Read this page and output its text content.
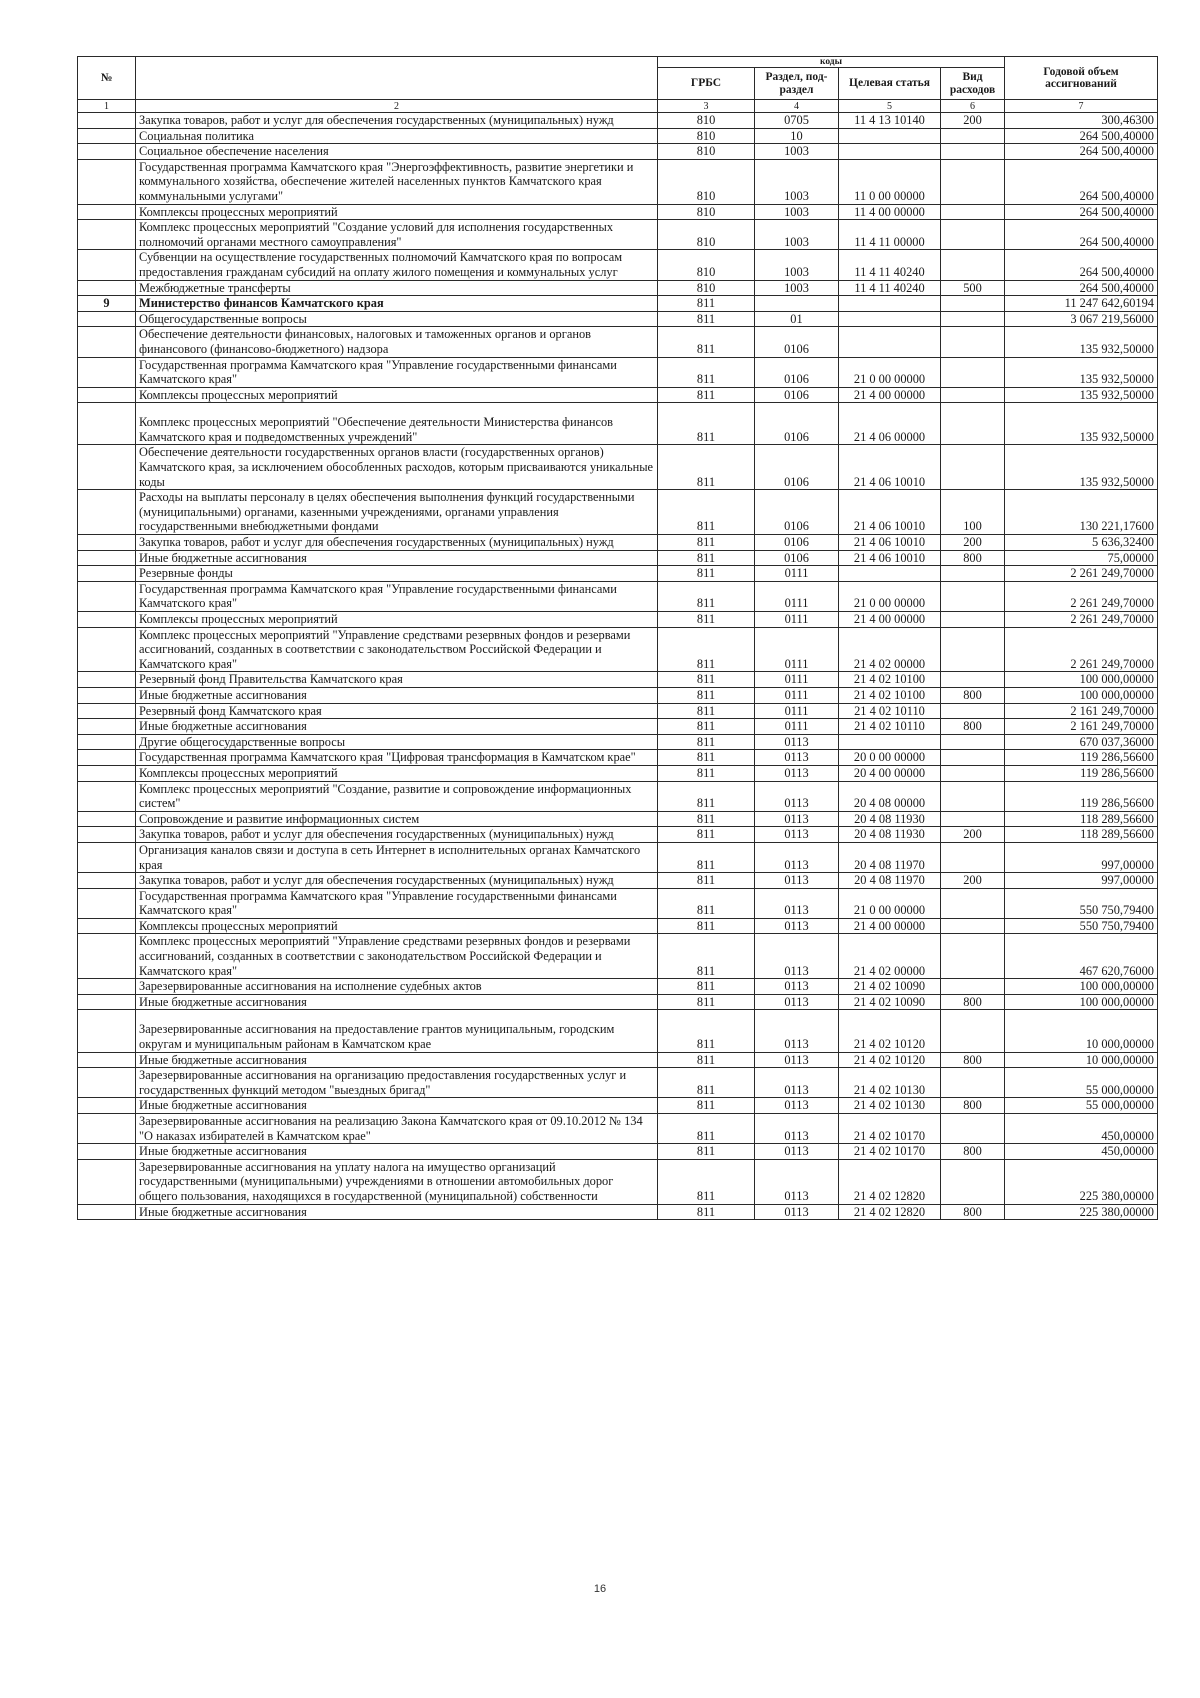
№		коды				Годовой объем ассигнований
		ГРБС	Раздел, под-раздел	Целевая статья	Вид расходов	
1	2	3	4	5	6	7
	Закупка товаров, работ и услуг для обеспечения государственных (муниципальных) нужд	810	0705	11 4 13 10140	200	300,46300
	Социальная политика	810	10			264 500,40000
	Социальное обеспечение населения	810	1003			264 500,40000
	Государственная программа Камчатского края "Энергоэффективность, развитие энергетики и коммунального хозяйства, обеспечение жителей населенных пунктов Камчатского края коммунальными услугами"	810	1003	11 0 00 00000		264 500,40000
	Комплексы процессных мероприятий	810	1003	11 4 00 00000		264 500,40000
	Комплекс процессных мероприятий "Создание условий для исполнения государственных полномочий органами местного самоуправления"	810	1003	11 4 11 00000		264 500,40000
	Субвенции на осуществление государственных полномочий Камчатского края по вопросам предоставления гражданам субсидий на оплату жилого помещения и коммунальных услуг	810	1003	11 4 11 40240		264 500,40000
	Межбюджетные трансферты	810	1003	11 4 11 40240	500	264 500,40000
9	Министерство финансов Камчатского края	811				11 247 642,60194
	Общегосударственные вопросы	811	01			3 067 219,56000
	Обеспечение деятельности финансовых, налоговых и таможенных органов и органов финансового (финансово-бюджетного) надзора	811	0106			135 932,50000
	Государственная программа Камчатского края "Управление государственными финансами Камчатского края"	811	0106	21 0 00 00000		135 932,50000
	Комплексы процессных мероприятий	811	0106	21 4 00 00000		135 932,50000
	Комплекс процессных мероприятий "Обеспечение деятельности Министерства финансов Камчатского края и подведомственных учреждений"	811	0106	21 4 06 00000		135 932,50000
	Обеспечение деятельности государственных органов власти (государственных органов) Камчатского края, за исключением обособленных расходов, которым присваиваются уникальные коды	811	0106	21 4 06 10010		135 932,50000
	Расходы на выплаты персоналу в целях обеспечения выполнения функций государственными (муниципальными) органами, казенными учреждениями, органами управления государственными внебюджетными фондами	811	0106	21 4 06 10010	100	130 221,17600
	Закупка товаров, работ и услуг для обеспечения государственных (муниципальных) нужд	811	0106	21 4 06 10010	200	5 636,32400
	Иные бюджетные ассигнования	811	0106	21 4 06 10010	800	75,00000
	Резервные фонды	811	0111			2 261 249,70000
	Государственная программа Камчатского края "Управление государственными финансами Камчатского края"	811	0111	21 0 00 00000		2 261 249,70000
	Комплексы процессных мероприятий	811	0111	21 4 00 00000		2 261 249,70000
	Комплекс процессных мероприятий "Управление средствами резервных фондов и резервами ассигнований, созданных в соответствии с законодательством Российской Федерации и Камчатского края"	811	0111	21 4 02 00000		2 261 249,70000
	Резервный фонд Правительства Камчатского края	811	0111	21 4 02 10100		100 000,00000
	Иные бюджетные ассигнования	811	0111	21 4 02 10100	800	100 000,00000
	Резервный фонд Камчатского края	811	0111	21 4 02 10110		2 161 249,70000
	Иные бюджетные ассигнования	811	0111	21 4 02 10110	800	2 161 249,70000
	Другие общегосударственные вопросы	811	0113			670 037,36000
	Государственная программа Камчатского края "Цифровая трансформация в Камчатском крае"	811	0113	20 0 00 00000		119 286,56600
	Комплексы процессных мероприятий	811	0113	20 4 00 00000		119 286,56600
	Комплекс процессных мероприятий "Создание, развитие и сопровождение информационных систем"	811	0113	20 4 08 00000		119 286,56600
	Сопровождение и развитие информационных систем	811	0113	20 4 08 11930		118 289,56600
	Закупка товаров, работ и услуг для обеспечения государственных (муниципальных) нужд	811	0113	20 4 08 11930	200	118 289,56600
	Организация каналов связи и доступа в сеть Интернет в исполнительных органах Камчатского края	811	0113	20 4 08 11970		997,00000
	Закупка товаров, работ и услуг для обеспечения государственных (муниципальных) нужд	811	0113	20 4 08 11970	200	997,00000
	Государственная программа Камчатского края "Управление государственными финансами Камчатского края"	811	0113	21 0 00 00000		550 750,79400
	Комплексы процессных мероприятий	811	0113	21 4 00 00000		550 750,79400
	Комплекс процессных мероприятий "Управление средствами резервных фондов и резервами ассигнований, созданных в соответствии с законодательством Российской Федерации и Камчатского края"	811	0113	21 4 02 00000		467 620,76000
	Зарезервированные ассигнования на исполнение судебных актов	811	0113	21 4 02 10090		100 000,00000
	Иные бюджетные ассигнования	811	0113	21 4 02 10090	800	100 000,00000
	Зарезервированные ассигнования на предоставление грантов муниципальным, городским округам и муниципальным районам в Камчатском крае	811	0113	21 4 02 10120		10 000,00000
	Иные бюджетные ассигнования	811	0113	21 4 02 10120	800	10 000,00000
	Зарезервированные ассигнования на организацию предоставления государственных услуг и государственных функций методом "выездных бригад"	811	0113	21 4 02 10130		55 000,00000
	Иные бюджетные ассигнования	811	0113	21 4 02 10130	800	55 000,00000
	Зарезервированные ассигнования на реализацию Закона Камчатского края от 09.10.2012 № 134 "О наказах избирателей в Камчатском крае"	811	0113	21 4 02 10170		450,00000
	Иные бюджетные ассигнования	811	0113	21 4 02 10170	800	450,00000
	Зарезервированные ассигнования на уплату налога на имущество организаций государственными (муниципальными) учреждениями в отношении автомобильных дорог общего пользования, находящихся в государственной (муниципальной) собственности	811	0113	21 4 02 12820		225 380,00000
	Иные бюджетные ассигнования	811	0113	21 4 02 12820	800	225 380,00000
16
